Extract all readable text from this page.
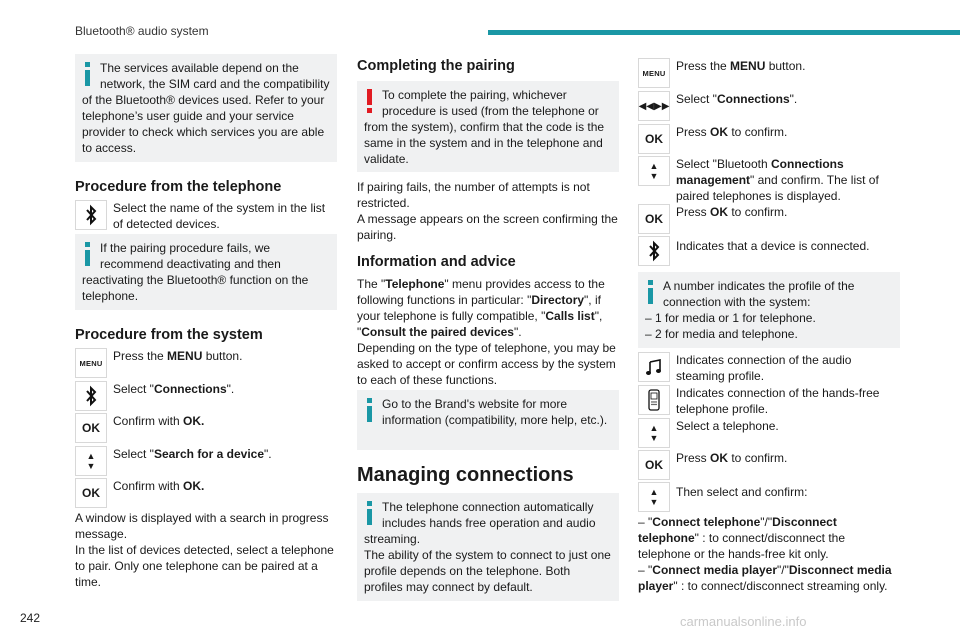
Bluetooth® audio system
The services available depend on the network, the SIM card and the compatibility of the Bluetooth® devices used. Refer to your telephone’s user guide and your service provider to check which services you are able to access.
Procedure from the telephone
Select the name of the system in the list of detected devices.
If the pairing procedure fails, we recommend deactivating and then reactivating the Bluetooth® function on the telephone.
Procedure from the system
MENU Press the MENU button.
Select "Connections".
OK Confirm with OK.
▲
▼
Select "Search for a device".
OK Confirm with OK.
A window is displayed with a search in progress message.
In the list of devices detected, select a telephone to pair. Only one telephone can be paired at a time.
Completing the pairing
To complete the pairing, whichever procedure is used (from the telephone or from the system), confirm that the code is the same in the system and in the telephone and validate.
If pairing fails, the number of attempts is not restricted.
A message appears on the screen confirming the pairing.
Information and advice
The "Telephone" menu provides access to the following functions in particular: "Directory", if your telephone is fully compatible, "Calls list", "Consult the paired devices".
Depending on the type of telephone, you may be asked to accept or confirm access by the system to each of these functions.
Go to the Brand's website for more information (compatibility, more help, etc.).
Managing connections
The telephone connection automatically includes hands free operation and audio streaming.
The ability of the system to connect to just one profile depends on the telephone. Both profiles may connect by default.
MENU Press the MENU button.
◀◀ ▶▶ Select "Connections".
OK Press OK to confirm.
▲
▼
Select "Bluetooth Connections management" and confirm. The list of paired telephones is displayed.
OK Press OK to confirm.
Indicates that a device is connected.
A number indicates the profile of the connection with the system:
– 1 for media or 1 for telephone.
– 2 for media and telephone.
Indicates connection of the audio steaming profile.
Indicates connection of the hands-free telephone profile.
▲
▼
Select a telephone.
OK Press OK to confirm.
▲
▼
Then select and confirm:
– "Connect telephone"/"Disconnect telephone" : to connect/disconnect the telephone or the hands-free kit only.
– "Connect media player"/"Disconnect media player" : to connect/disconnect streaming only.
242	carmanualsonline.info
